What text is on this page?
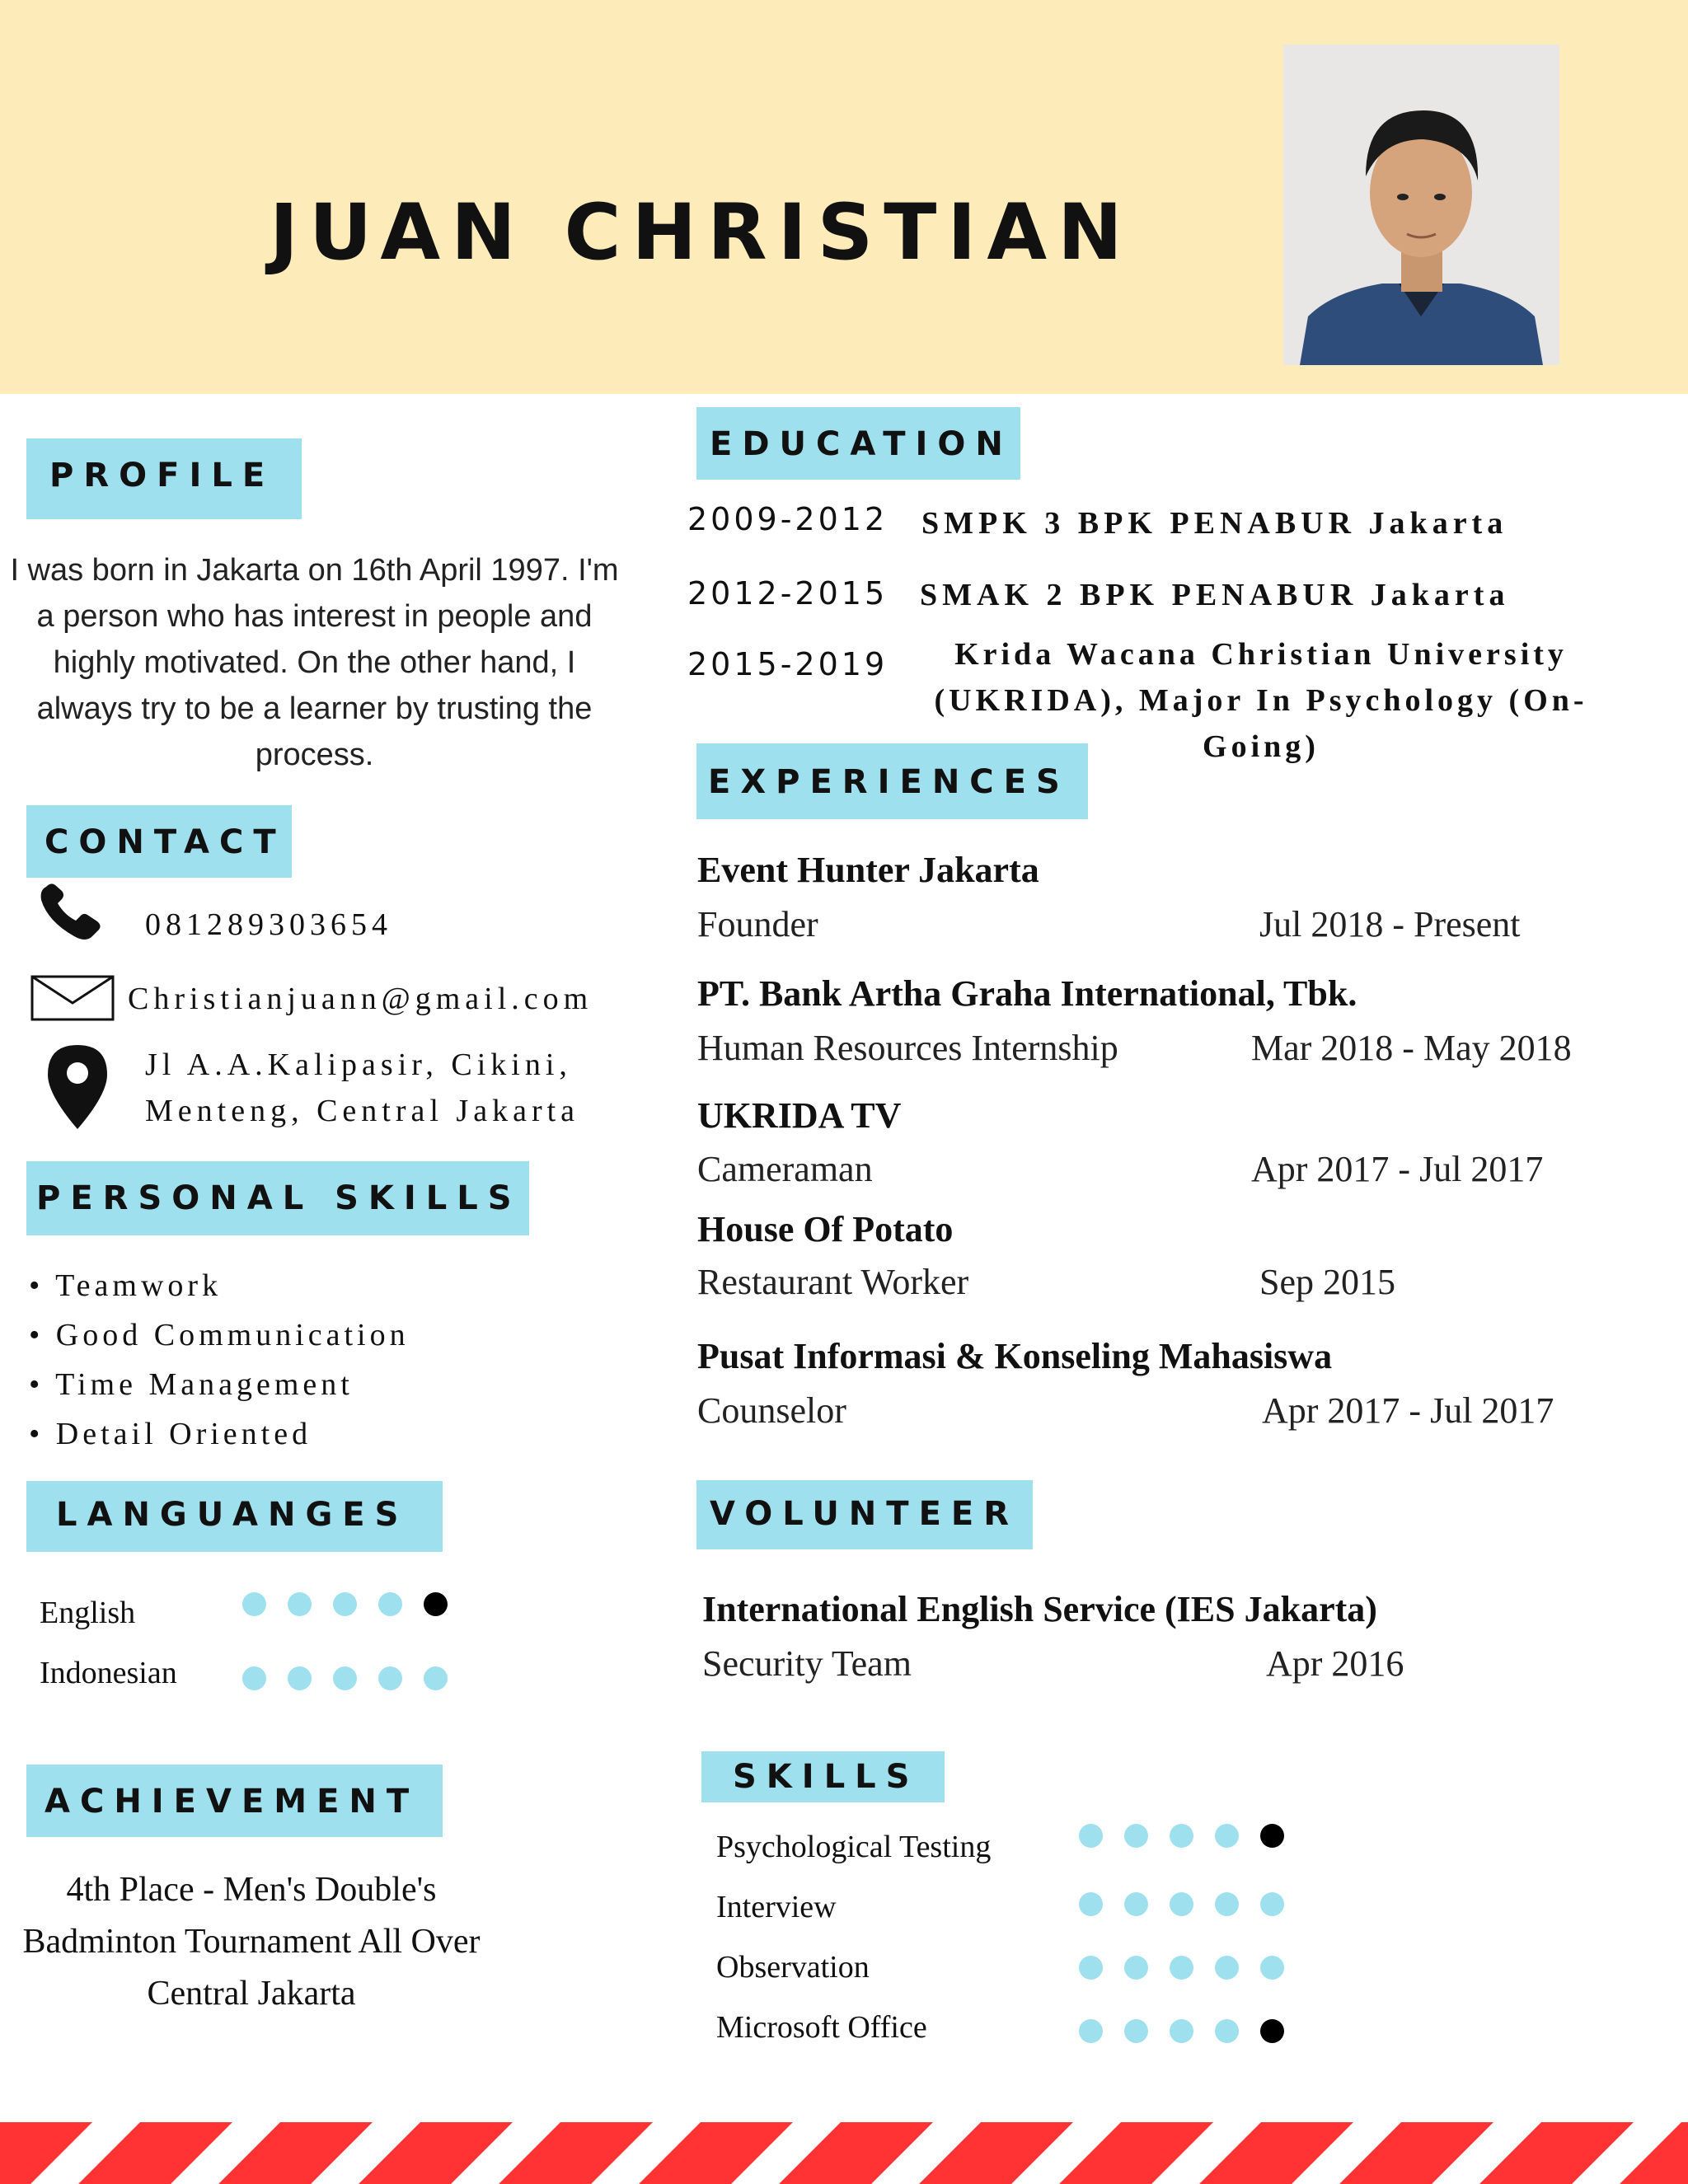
JUAN CHRISTIAN
PROFILE
I was born in Jakarta on 16th April 1997. I'm a person who has interest in people and highly motivated. On the other hand, I always try to be a learner by trusting the process.
CONTACT
081289303654
Christianjuann@gmail.com
Jl A.A.Kalipasir, Cikini,
Menteng, Central Jakarta
PERSONAL SKILLS
• Teamwork
• Good Communication
• Time Management
• Detail Oriented
LANGUANGES
English
Indonesian
ACHIEVEMENT
4th Place - Men's Double's Badminton Tournament All Over Central Jakarta
EDUCATION
2009-2012 SMPK 3 BPK PENABUR Jakarta
2012-2015 SMAK 2 BPK PENABUR Jakarta
2015-2019	Krida Wacana Christian University (UKRIDA), Major In Psychology (On-Going)
EXPERIENCES
Event Hunter Jakarta
Founder	Jul 2018 - Present
PT. Bank Artha Graha International, Tbk.
Human Resources Internship	Mar 2018 - May 2018
UKRIDA TV
Cameraman	Apr 2017 - Jul 2017
House Of Potato
Restaurant Worker	Sep 2015
Pusat Informasi & Konseling Mahasiswa
Counselor	Apr 2017 - Jul 2017
VOLUNTEER
International English Service (IES Jakarta)
Security Team	Apr 2016
SKILLS
Psychological Testing
Interview
Observation
Microsoft Office
